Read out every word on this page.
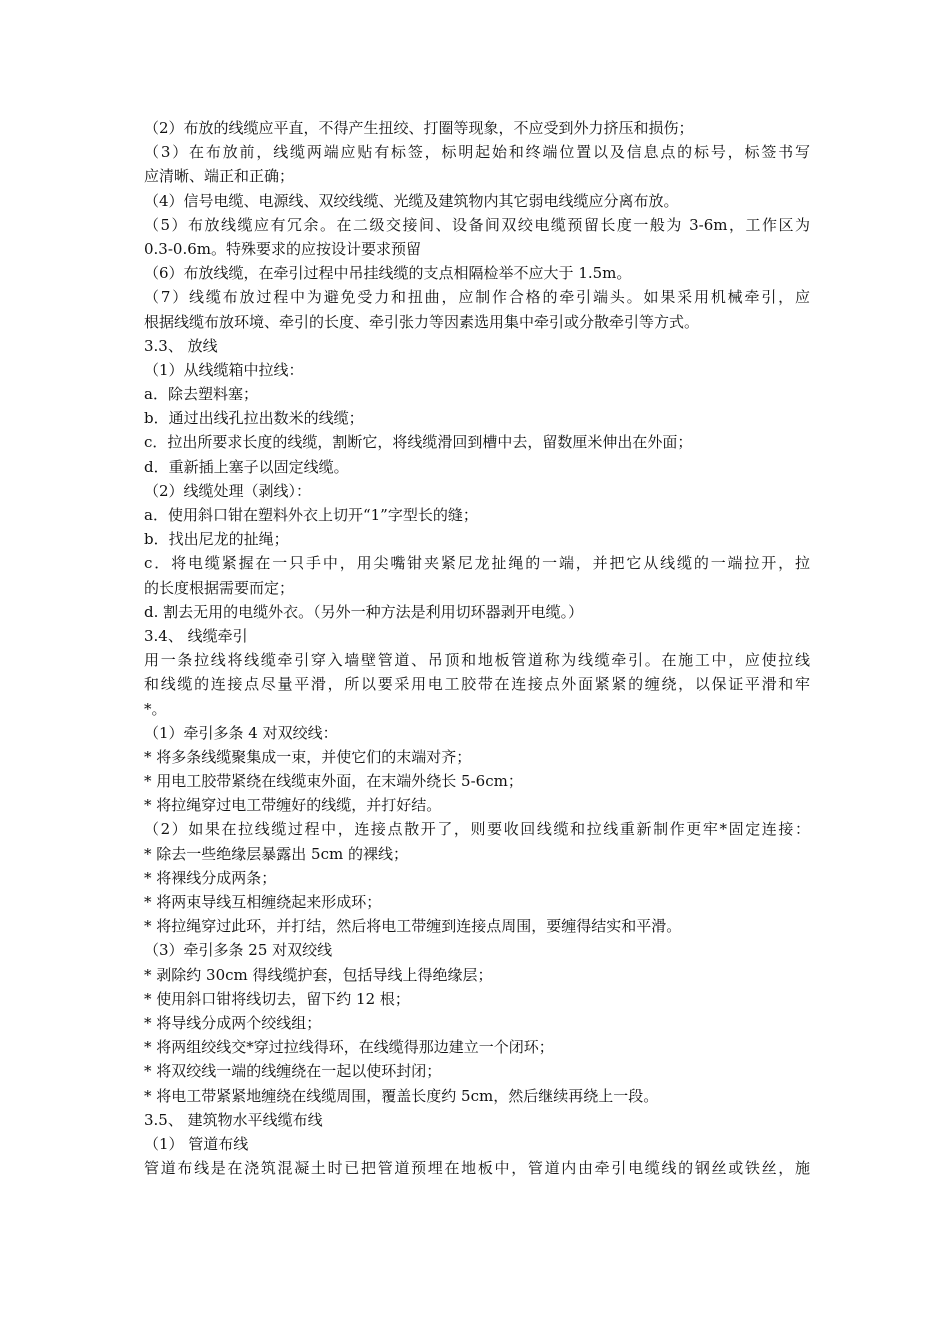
（2）布放的线缆应平直，不得产生扭绞、打圈等现象，不应受到外力挤压和损伤；
（3）在布放前，线缆两端应贴有标签，标明起始和终端位置以及信息点的标号，标签书写
应清晰、端正和正确；
（4）信号电缆、电源线、双绞线缆、光缆及建筑物内其它弱电线缆应分离布放。
（5）布放线缆应有冗余。在二级交接间、设备间双绞电缆预留长度一般为 3-6m，工作区为
0.3-0.6m。特殊要求的应按设计要求预留
（6）布放线缆，在牵引过程中吊挂线缆的支点相隔检举不应大于 1.5m。
（7）线缆布放过程中为避免受力和扭曲，应制作合格的牵引端头。如果采用机械牵引，应
根据线缆布放环境、牵引的长度、牵引张力等因素选用集中牵引或分散牵引等方式。
3.3、 放线
（1）从线缆箱中拉线：
a．除去塑料塞；
b．通过出线孔拉出数米的线缆；
c．拉出所要求长度的线缆，割断它，将线缆滑回到槽中去，留数厘米伸出在外面；
d．重新插上塞子以固定线缆。
（2）线缆处理（剥线）：
a．使用斜口钳在塑料外衣上切开“1”字型长的缝；
b．找出尼龙的扯绳；
c．将电缆紧握在一只手中，用尖嘴钳夹紧尼龙扯绳的一端，并把它从线缆的一端拉开，拉
的长度根据需要而定；
d. 割去无用的电缆外衣。（另外一种方法是利用切环器剥开电缆。）
3.4、 线缆牵引
用一条拉线将线缆牵引穿入墙壁管道、吊顶和地板管道称为线缆牵引。在施工中，应使拉线
和线缆的连接点尽量平滑，所以要采用电工胶带在连接点外面紧紧的缠绕，以保证平滑和牢
*。
（1）牵引多条 4 对双绞线：
* 将多条线缆聚集成一束，并使它们的末端对齐；
* 用电工胶带紧绕在线缆束外面，在末端外绕长 5-6cm；
* 将拉绳穿过电工带缠好的线缆，并打好结。
（2）如果在拉线缆过程中，连接点散开了，则要收回线缆和拉线重新制作更牢*固定连接：
* 除去一些绝缘层暴露出 5cm 的裸线；
* 将裸线分成两条；
* 将两束导线互相缠绕起来形成环；
* 将拉绳穿过此环，并打结，然后将电工带缠到连接点周围，要缠得结实和平滑。
（3）牵引多条 25 对双绞线
* 剥除约 30cm 得线缆护套，包括导线上得绝缘层；
* 使用斜口钳将线切去，留下约 12 根；
* 将导线分成两个绞线组；
* 将两组绞线交*穿过拉线得环，在线缆得那边建立一个闭环；
* 将双绞线一端的线缠绕在一起以使环封闭；
* 将电工带紧紧地缠绕在线缆周围，覆盖长度约 5cm，然后继续再绕上一段。
3.5、 建筑物水平线缆布线
（1） 管道布线
管道布线是在浇筑混凝土时已把管道预埋在地板中，管道内由牵引电缆线的钢丝或铁丝，施
